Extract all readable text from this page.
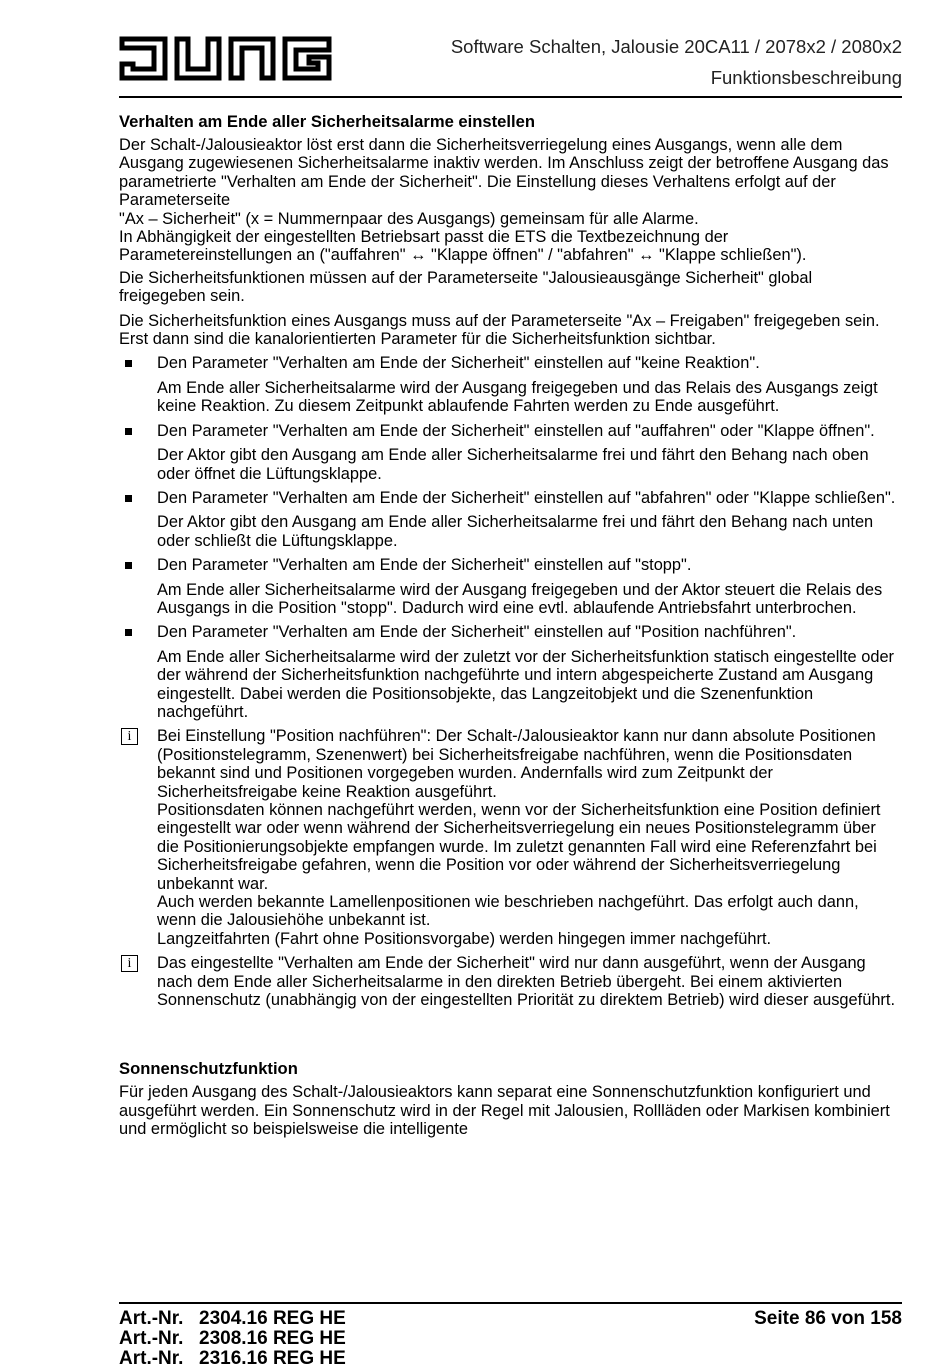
Software Schalten, Jalousie 20CA11 / 2078x2 / 2080x2
Funktionsbeschreibung
Verhalten am Ende aller Sicherheitsalarme einstellen

Der Schalt-/Jalousieaktor löst erst dann die Sicherheitsverriegelung eines Ausgangs, wenn alle dem Ausgang zugewiesenen Sicherheitsalarme inaktiv werden. Im Anschluss zeigt der betroffene Ausgang das parametrierte "Verhalten am Ende der Sicherheit". Die Einstellung dieses Verhaltens erfolgt auf der Parameterseite
"Ax – Sicherheit" (x = Nummernpaar des Ausgangs) gemeinsam für alle Alarme.
In Abhängigkeit der eingestellten Betriebsart passt die ETS die Textbezeichnung der Parametereinstellungen an ("auffahren" ↔ "Klappe öffnen" / "abfahren" ↔ "Klappe schließen").

Die Sicherheitsfunktionen müssen auf der Parameterseite "Jalousieausgänge Sicherheit" global freigegeben sein.

Die Sicherheitsfunktion eines Ausgangs muss auf der Parameterseite "Ax – Freigaben" freigegeben sein. Erst dann sind die kanalorientierten Parameter für die Sicherheitsfunktion sichtbar.

Den Parameter "Verhalten am Ende der Sicherheit" einstellen auf "keine Reaktion".

Am Ende aller Sicherheitsalarme wird der Ausgang freigegeben und das Relais des Ausgangs zeigt keine Reaktion. Zu diesem Zeitpunkt ablaufende Fahrten werden zu Ende ausgeführt.

Den Parameter "Verhalten am Ende der Sicherheit" einstellen auf "auffahren" oder "Klappe öffnen".

Der Aktor gibt den Ausgang am Ende aller Sicherheitsalarme frei und fährt den Behang nach oben oder öffnet die Lüftungsklappe.

Den Parameter "Verhalten am Ende der Sicherheit" einstellen auf "abfahren" oder "Klappe schließen".

Der Aktor gibt den Ausgang am Ende aller Sicherheitsalarme frei und fährt den Behang nach unten oder schließt die Lüftungsklappe.

Den Parameter "Verhalten am Ende der Sicherheit" einstellen auf "stopp".

Am Ende aller Sicherheitsalarme wird der Ausgang freigegeben und der Aktor steuert die Relais des Ausgangs in die Position "stopp". Dadurch wird eine evtl. ablaufende Antriebsfahrt unterbrochen.

Den Parameter "Verhalten am Ende der Sicherheit" einstellen auf "Position nachführen".

Am Ende aller Sicherheitsalarme wird der zuletzt vor der Sicherheitsfunktion statisch eingestellte oder der während der Sicherheitsfunktion nachgeführte und intern abgespeicherte Zustand am Ausgang eingestellt. Dabei werden die Positionsobjekte, das Langzeitobjekt und die Szenenfunktion nachgeführt.

i	Bei Einstellung "Position nachführen": Der Schalt-/Jalousieaktor kann nur dann absolute Positionen (Positionstelegramm, Szenenwert) bei Sicherheitsfreigabe nachführen, wenn die Positionsdaten bekannt sind und Positionen vorgegeben wurden. Andernfalls wird zum Zeitpunkt der Sicherheitsfreigabe keine Reaktion ausgeführt.
Positionsdaten können nachgeführt werden, wenn vor der Sicherheitsfunktion eine Position definiert eingestellt war oder wenn während der Sicherheitsverriegelung ein neues Positionstelegramm über die Positionierungsobjekte empfangen wurde. Im zuletzt genannten Fall wird eine Referenzfahrt bei Sicherheitsfreigabe gefahren, wenn die Position vor oder während der Sicherheitsverriegelung unbekannt war.
Auch werden bekannte Lamellenpositionen wie beschrieben nachgeführt. Das erfolgt auch dann, wenn die Jalousiehöhe unbekannt ist.
Langzeitfahrten (Fahrt ohne Positionsvorgabe) werden hingegen immer nachgeführt.
i	Das eingestellte "Verhalten am Ende der Sicherheit" wird nur dann ausgeführt, wenn der Ausgang nach dem Ende aller Sicherheitsalarme in den direkten Betrieb übergeht. Bei einem aktivierten Sonnenschutz (unabhängig von der eingestellten Priorität zu direktem Betrieb) wird dieser ausgeführt.
Sonnenschutzfunktion

Für jeden Ausgang des Schalt-/Jalousieaktors kann separat eine Sonnenschutzfunktion konfiguriert und ausgeführt werden. Ein Sonnenschutz wird in der Regel mit Jalousien, Rollläden oder Markisen kombiniert und ermöglicht so beispielsweise die intelligente

Art.-Nr. 2304.16 REG HE
Art.-Nr. 2308.16 REG HE
Art.-Nr. 2316.16 REG HE
Seite 86 von 158
